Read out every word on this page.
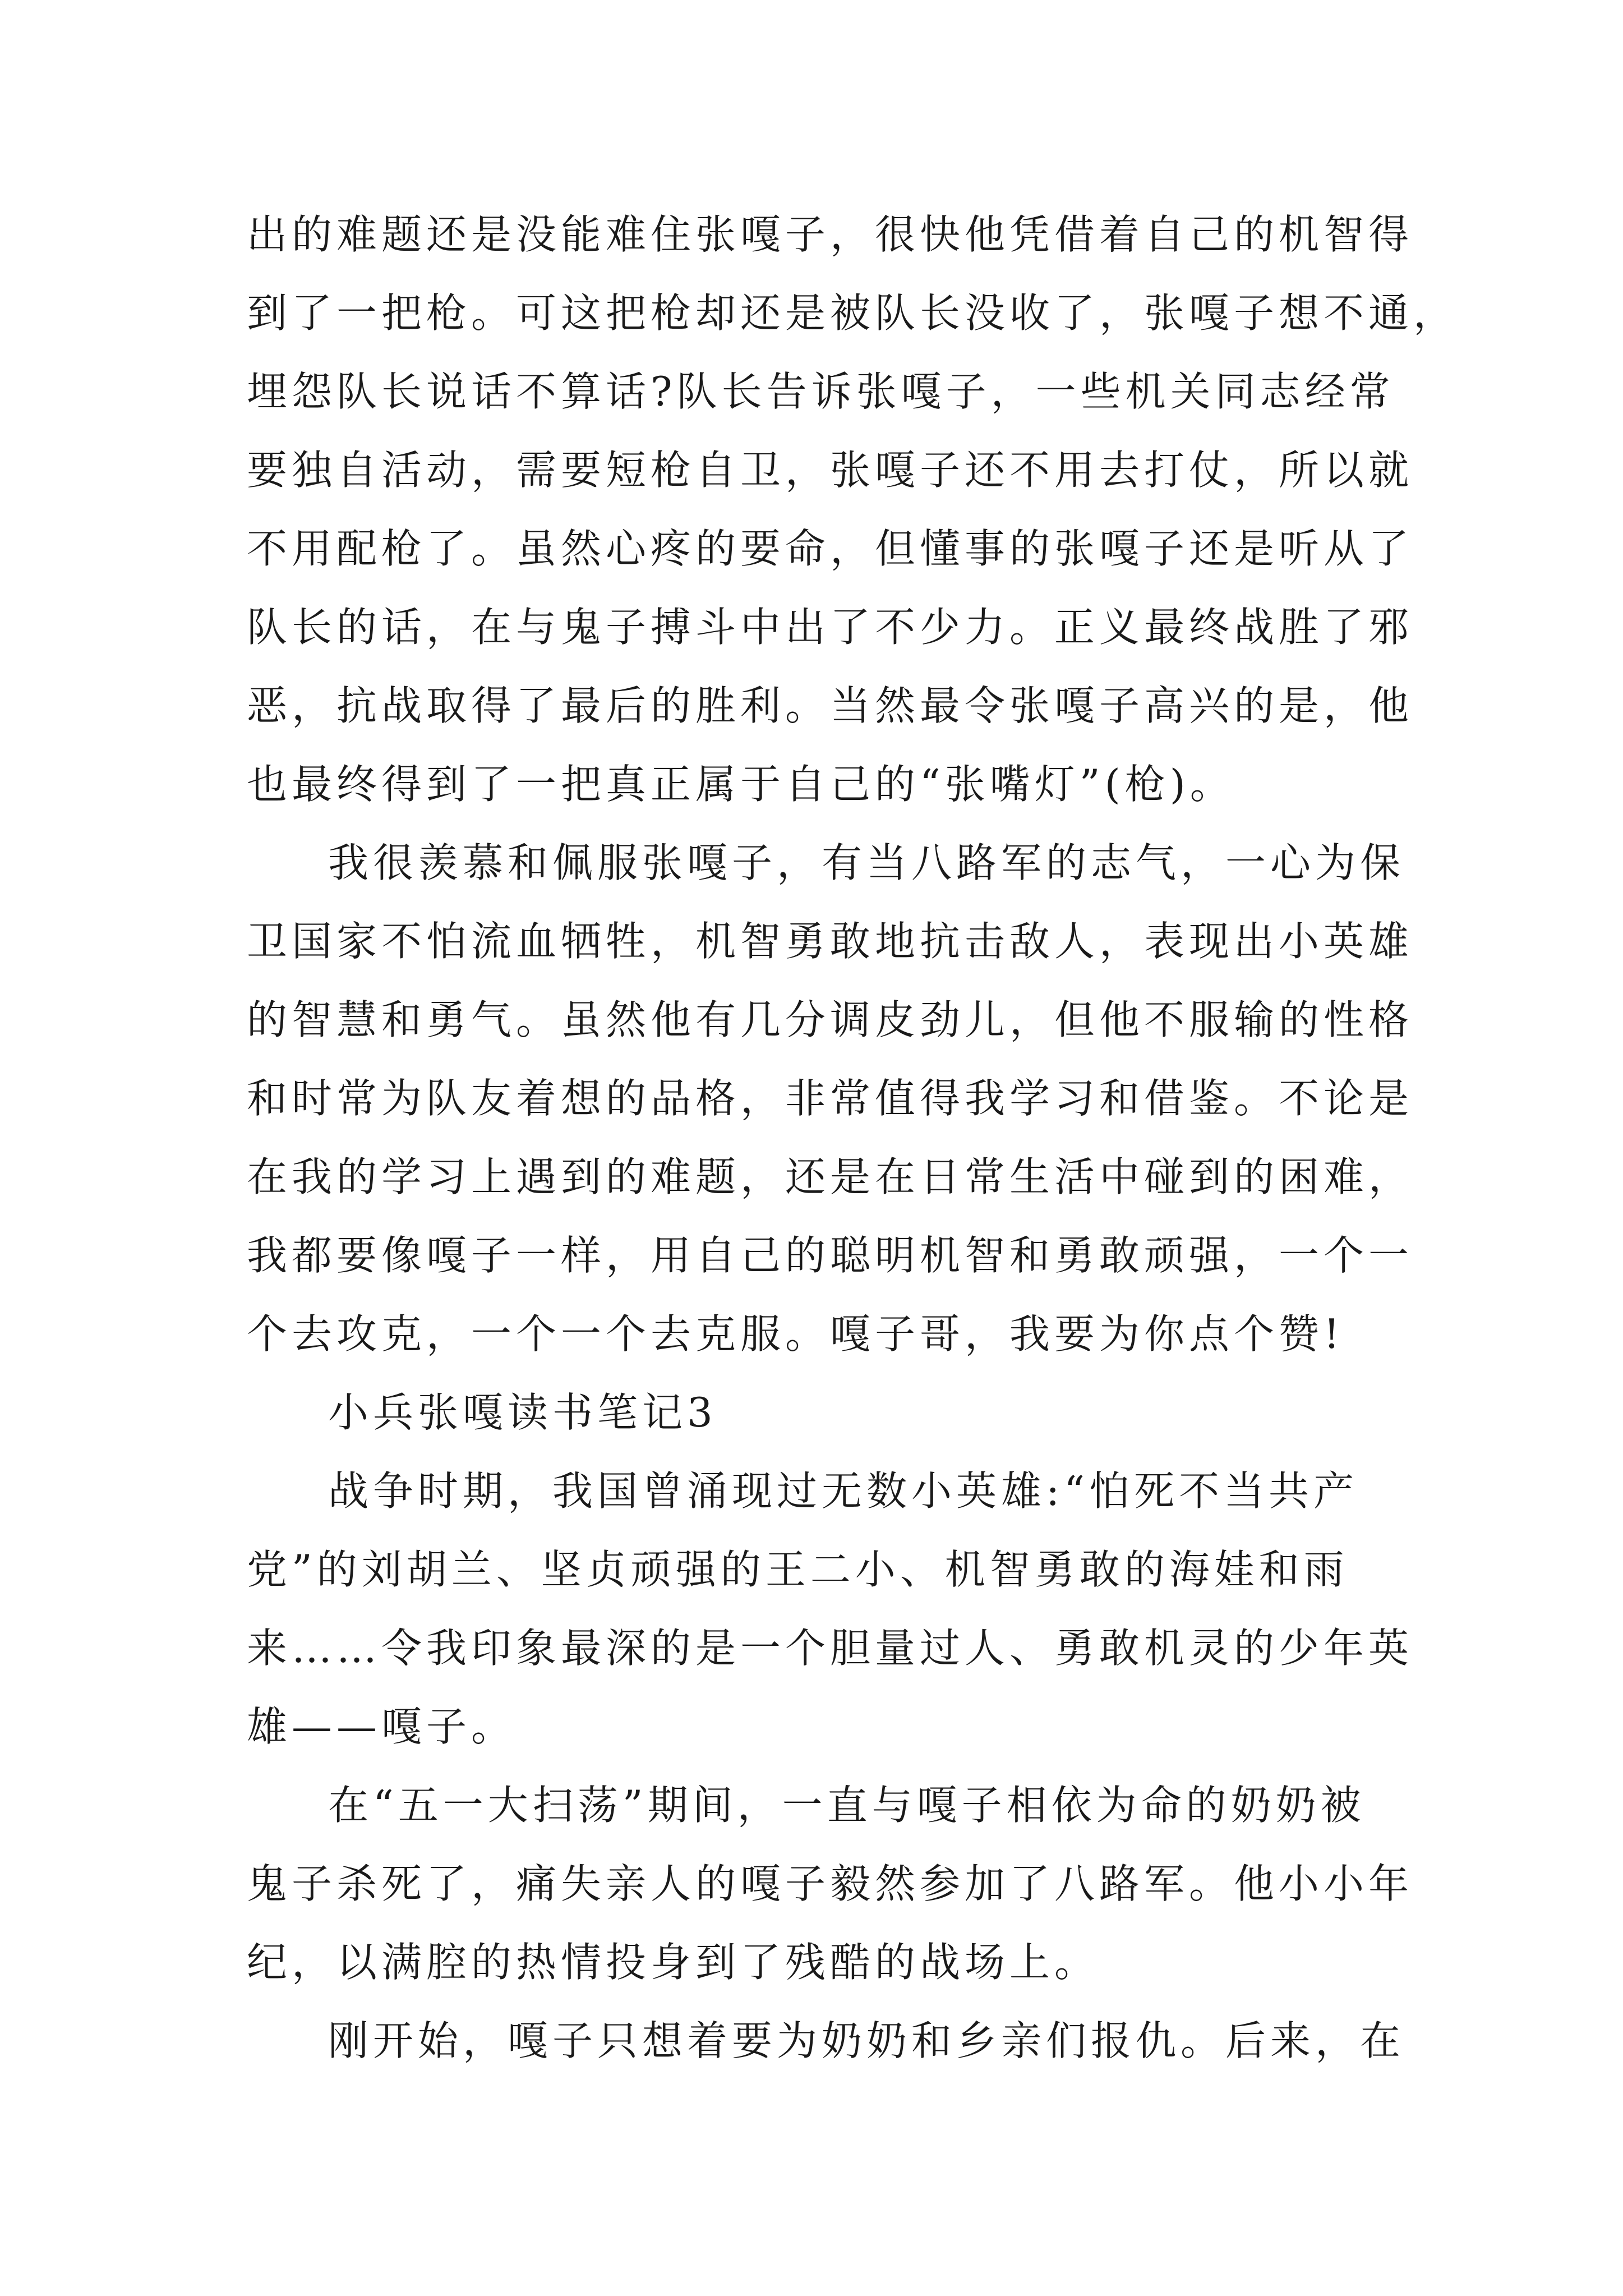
出的难题还是没能难住张嘎子，很快他凭借着自己的机智得
到了一把枪。可这把枪却还是被队长没收了，张嘎子想不通，
埋怨队长说话不算话?队长告诉张嘎子，一些机关同志经常
要独自活动，需要短枪自卫，张嘎子还不用去打仗，所以就
不用配枪了。虽然心疼的要命，但懂事的张嘎子还是听从了
队长的话，在与鬼子搏斗中出了不少力。正义最终战胜了邪
恶，抗战取得了最后的胜利。当然最令张嘎子高兴的是，他
也最终得到了一把真正属于自己的“张嘴灯”(枪)。
我很羡慕和佩服张嘎子，有当八路军的志气，一心为保
卫国家不怕流血牺牲，机智勇敢地抗击敌人，表现出小英雄
的智慧和勇气。虽然他有几分调皮劲儿，但他不服输的性格
和时常为队友着想的品格，非常值得我学习和借鉴。不论是
在我的学习上遇到的难题，还是在日常生活中碰到的困难，
我都要像嘎子一样，用自己的聪明机智和勇敢顽强，一个一
个去攻克，一个一个去克服。嘎子哥，我要为你点个赞!
小兵张嘎读书笔记3
战争时期，我国曾涌现过无数小英雄:“怕死不当共产
党”的刘胡兰、坚贞顽强的王二小、机智勇敢的海娃和雨
来……令我印象最深的是一个胆量过人、勇敢机灵的少年英
雄——嘎子。
在“五一大扫荡”期间，一直与嘎子相依为命的奶奶被
鬼子杀死了，痛失亲人的嘎子毅然参加了八路军。他小小年
纪，以满腔的热情投身到了残酷的战场上。
刚开始，嘎子只想着要为奶奶和乡亲们报仇。后来，在
